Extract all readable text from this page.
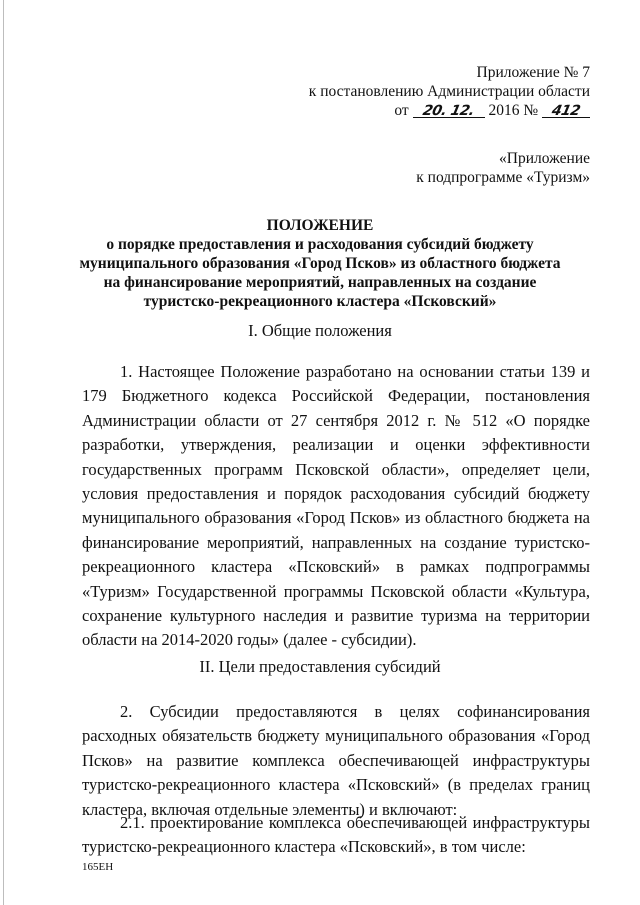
Приложение № 7
к постановлению Администрации области
от 20. 12. 2016 № 412
«Приложение
к подпрограмме «Туризм»
ПОЛОЖЕНИЕ
о порядке предоставления и расходования субсидий бюджету
муниципального образования «Город Псков» из областного бюджета
на финансирование мероприятий, направленных на создание
туристско-рекреационного кластера «Псковский»
I. Общие положения
1. Настоящее Положение разработано на основании статьи 139 и 179 Бюджетного кодекса Российской Федерации, постановления Администрации области от 27 сентября 2012 г. № 512 «О порядке разработки, утверждения, реализации и оценки эффективности государственных программ Псковской области», определяет цели, условия предоставления и порядок расходования субсидий бюджету муниципального образования «Город Псков» из областного бюджета на финансирование мероприятий, направленных на создание туристско-рекреационного кластера «Псковский» в рамках подпрограммы «Туризм» Государственной программы Псковской области «Культура, сохранение культурного наследия и развитие туризма на территории области на 2014-2020 годы» (далее - субсидии).
II. Цели предоставления субсидий
2. Субсидии предоставляются в целях софинансирования расходных обязательств бюджету муниципального образования «Город Псков» на развитие комплекса обеспечивающей инфраструктуры туристско-рекреационного кластера «Псковский» (в пределах границ кластера, включая отдельные элементы) и включают:
2.1. проектирование комплекса обеспечивающей инфраструктуры туристско-рекреационного кластера «Псковский», в том числе:
165ЕН
